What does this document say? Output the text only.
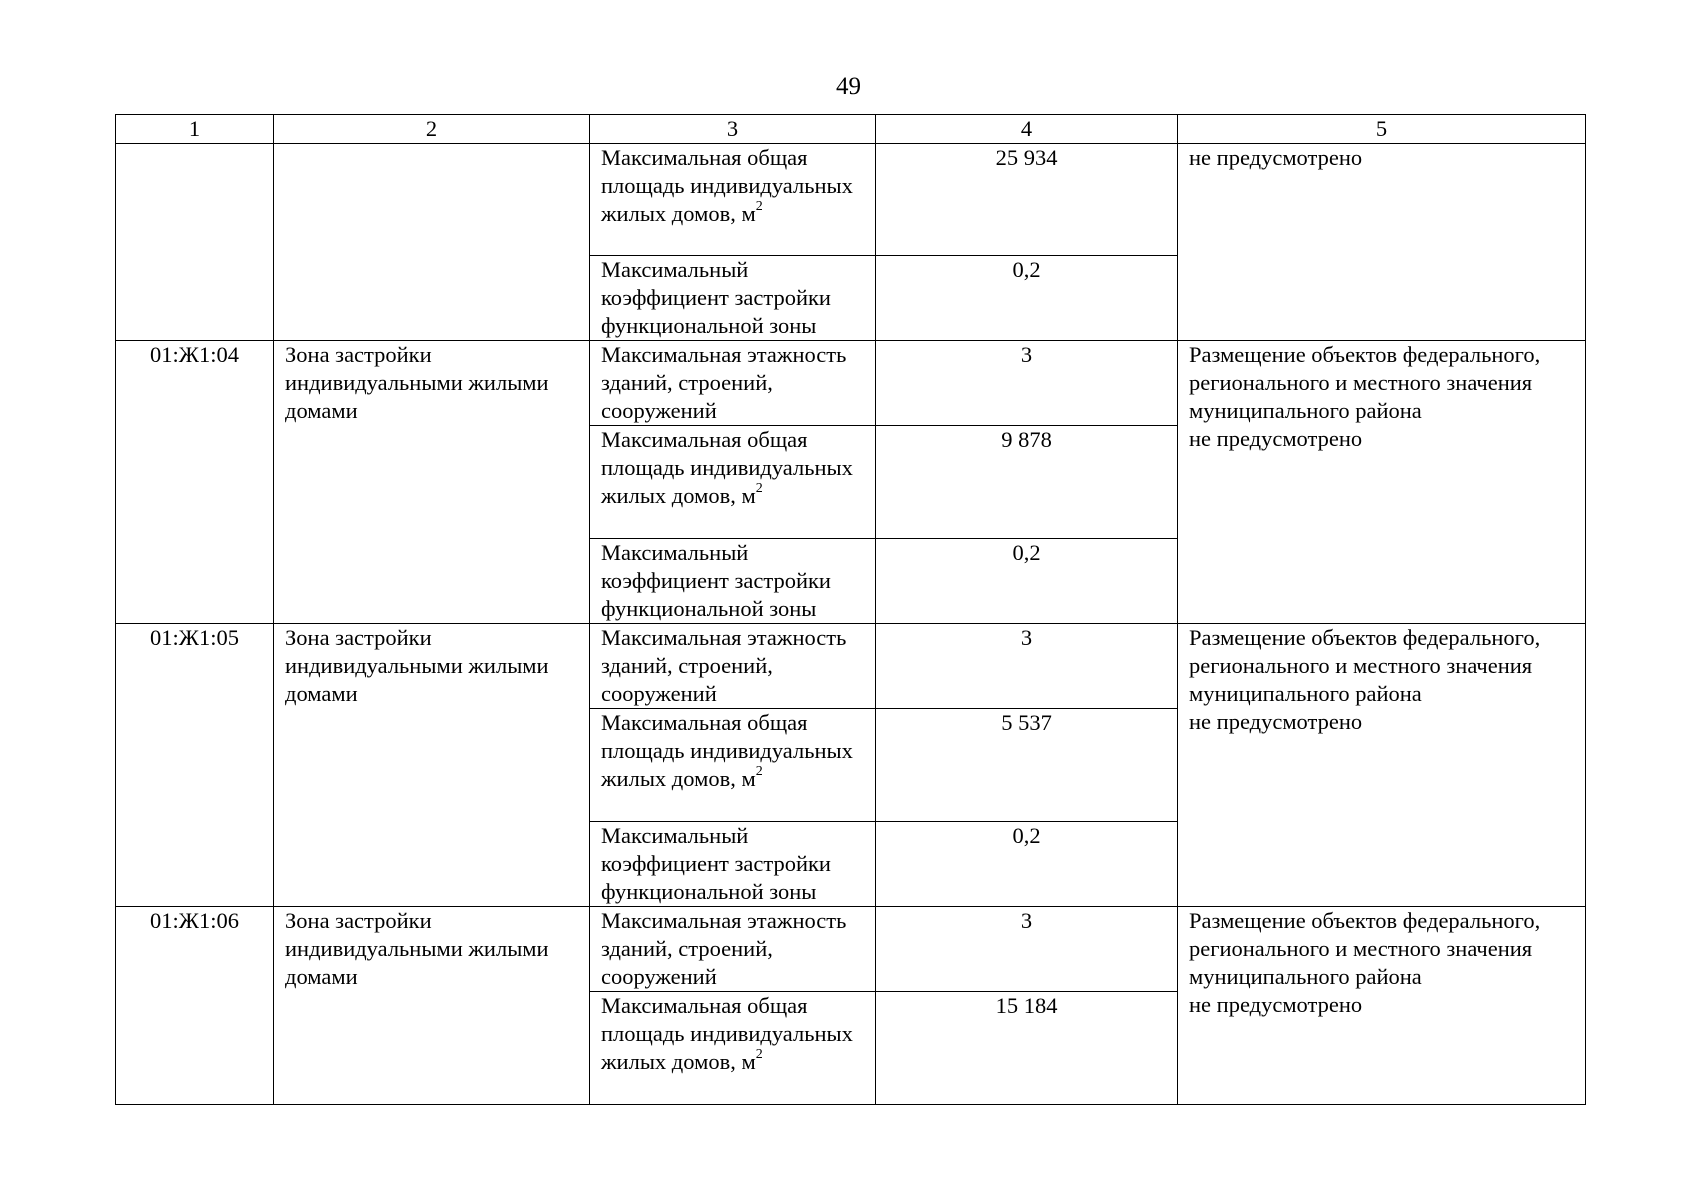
49
1	2	3	4	5
		Максимальная общая площадь индивидуальных жилых домов, $м^2$	25 934	не предусмотрено
		Максимальный коэффициент застройки функциональной зоны	0,2	
01:Ж1:04	Зона застройки индивидуальными жилыми домами	Максимальная этажность зданий, строений, сооружений	3	Размещение объектов федерального, регионального и местного значения муниципального района
не предусмотрено

		Максимальная общая площадь индивидуальных жилых домов, $м^2$	9 878	
		Максимальный коэффициент застройки функциональной зоны	0,2	
01:Ж1:05	Зона застройки индивидуальными жилыми домами	Максимальная этажность зданий, строений, сооружений	3	Размещение объектов федерального, регионального и местного значения муниципального района
не предусмотрено

		Максимальная общая площадь индивидуальных жилых домов, $м^2$	5 537	
		Максимальный коэффициент застройки функциональной зоны	0,2	
01:Ж1:06	Зона застройки индивидуальными жилыми домами	Максимальная этажность зданий, строений, сооружений	3	Размещение объектов федерального, регионального и местного значения муниципального района
не предусмотрено

		Максимальная общая площадь индивидуальных жилых домов, $м^2$	15 184	
